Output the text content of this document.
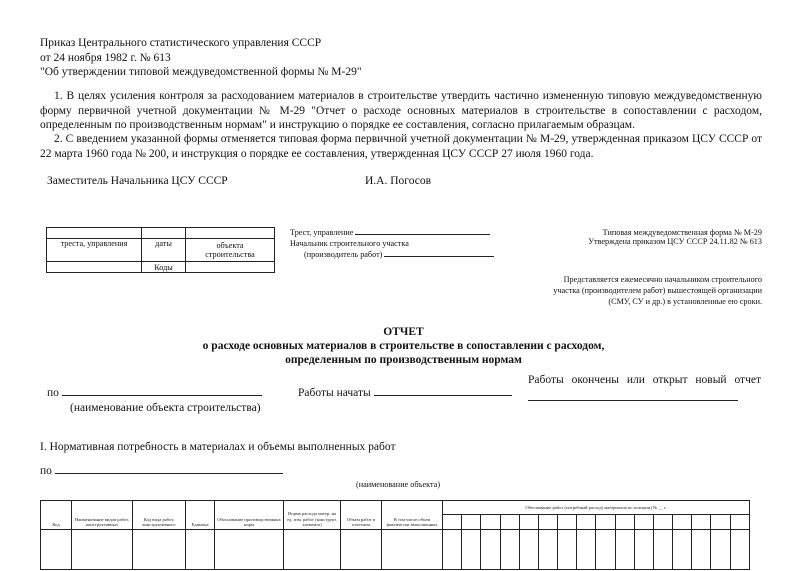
Приказ Центрального статистического управления СССР
от 24 ноября 1982 г. № 613
"Об утверждении типовой междуведомственной формы № М-29"
1. В целях усиления контроля за расходованием материалов в строительстве утвердить частично измененную типовую междуведомственную форму первичной учетной документации № М-29 "Отчет о расходе основных материалов в строительстве в сопоставлении с расходом, определенным по производственным нормам" и инструкцию о порядке ее составления, согласно прилагаемым образцам.
2. С введением указанной формы отменяется типовая форма первичной учетной документации № М-29, утвержденная приказом ЦСУ СССР от 22 марта 1960 года № 200, и инструкция о порядке ее составления, утвержденная ЦСУ СССР 27 июля 1960 года.
Заместитель Начальника ЦСУ СССР	И.А. Погосов

треста, управления	даты	объекта
строительства

	Коды	
Трест, управление
Начальник строительного участка
(производитель работ)
Типовая междуведомственная форма № М-29
Утверждена приказом ЦСУ СССР 24.11.82 № 613
Представляется ежемесячно начальником строительного
участка (производителем работ) вышестоящей организации
(СМУ, СУ и др.) в установленные ею сроки.
ОТЧЕТ
о расходе основных материалов в строительстве в сопоставлении с расходом,
определенным по производственным нормам
по
(наименование объекта строительства)
Работы начаты
Работы окончены или открыт новый отчет
I. Нормативная потребность в материалах и объемы выполненных работ
по
(наименование объекта)
Код	Наименование видов работ, конструктивных	Код вида работ, конструктивного	Единица	Обоснование производственных норм	Норма расхода матер. на ед. изм. работ (конструкт. элемента)	Объем работ в отчетном	В том числе объем фактически выполненных	Обоснование работ (потребный расход) материалов по позиции (№ __ г.															
